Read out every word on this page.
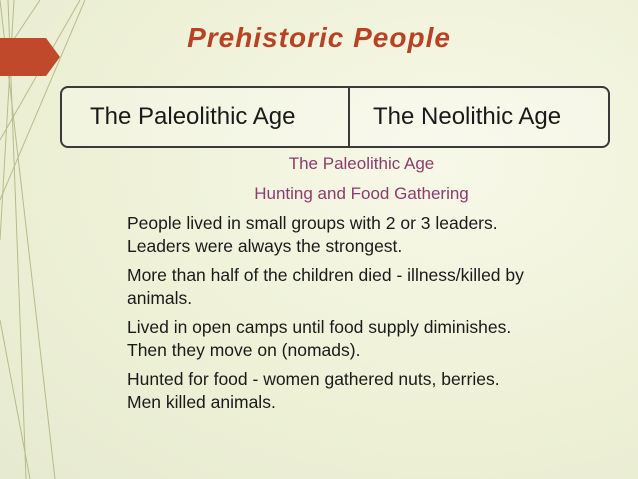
Prehistoric People
The Paleolithic Age	The Neolithic Age
The Paleolithic Age
Hunting and Food Gathering
People lived in small groups with 2 or 3 leaders.
Leaders were always the strongest.
More than half of the children died - illness/killed by
animals.
Lived in open camps until food supply diminishes.
Then they move on (nomads).
Hunted for food - women gathered nuts, berries.
Men killed animals.
